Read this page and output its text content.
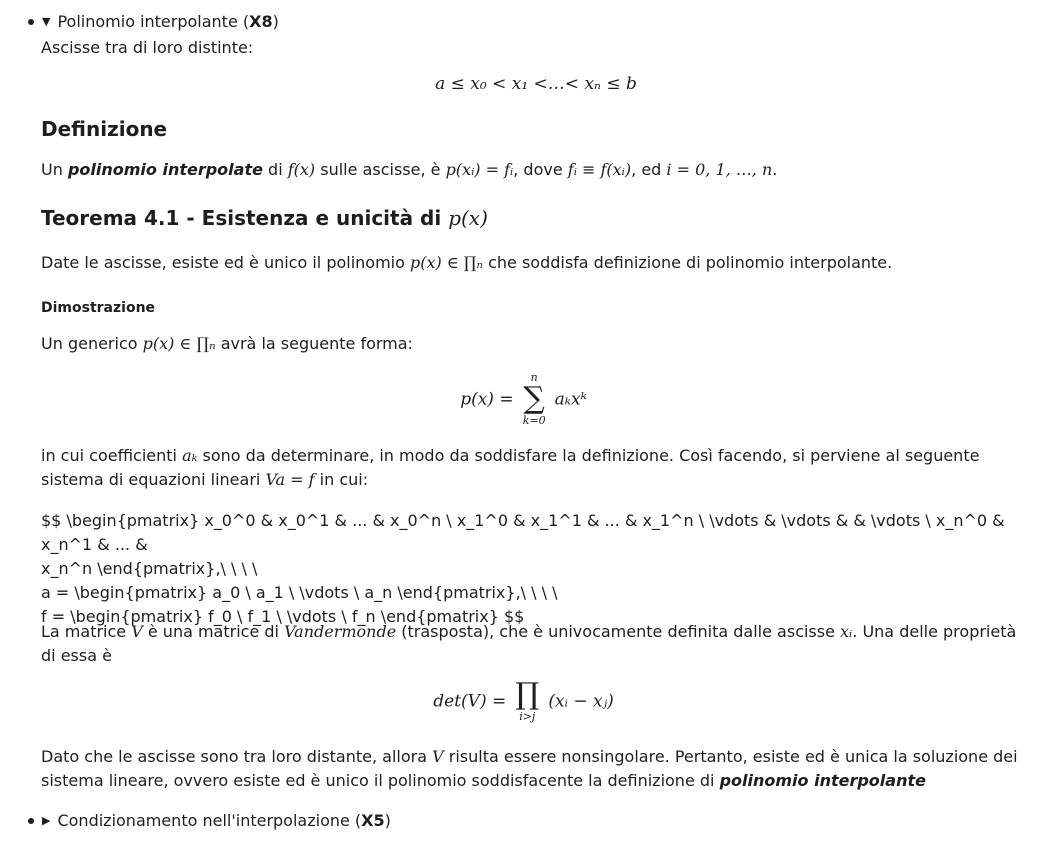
▼ Polinomio interpolante (X8)
Ascisse tra di loro distinte:
a ≤ x₀ < x₁ <…< xₙ ≤ b
Definizione
Un polinomio interpolate di f(x) sulle ascisse, è p(xᵢ) = fᵢ, dove fᵢ ≡ f(xᵢ), ed i = 0, 1, …, n.
Teorema 4.1 - Esistenza e unicità di p(x)
Date le ascisse, esiste ed è unico il polinomio p(x) ∈ ∏ₙ che soddisfa definizione di polinomio interpolante.
Dimostrazione
Un generico p(x) ∈ ∏ₙ avrà la seguente forma:
p(x) =
n
∑
k=0
aₖxᵏ
in cui coefficienti aₖ sono da determinare, in modo da soddisfare la definizione. Così facendo, si perviene al seguente sistema di equazioni lineari Va = f in cui:
$$ \begin{pmatrix} x_0^0 & x_0^1 & ... & x_0^n \ x_1^0 & x_1^1 & ... & x_1^n \ \vdots & \vdots & & \vdots \ x_n^0 & x_n^1 & ... &
x_n^n \end{pmatrix},\ \ \ \
a = \begin{pmatrix} a_0 \ a_1 \ \vdots \ a_n \end{pmatrix},\ \ \ \
f = \begin{pmatrix} f_0 \ f_1 \ \vdots \ f_n \end{pmatrix} $$
La matrice V è una matrice di Vandermonde (trasposta), che è univocamente definita dalle ascisse xᵢ. Una delle proprietà di essa è
det(V) = ∏
i>j
(xᵢ − xⱼ)
Dato che le ascisse sono tra loro distante, allora V risulta essere nonsingolare. Pertanto, esiste ed è unica la soluzione dei sistema lineare, ovvero esiste ed è unico il polinomio soddisfacente la definizione di polinomio interpolante
▶ Condizionamento nell'interpolazione (X5)
